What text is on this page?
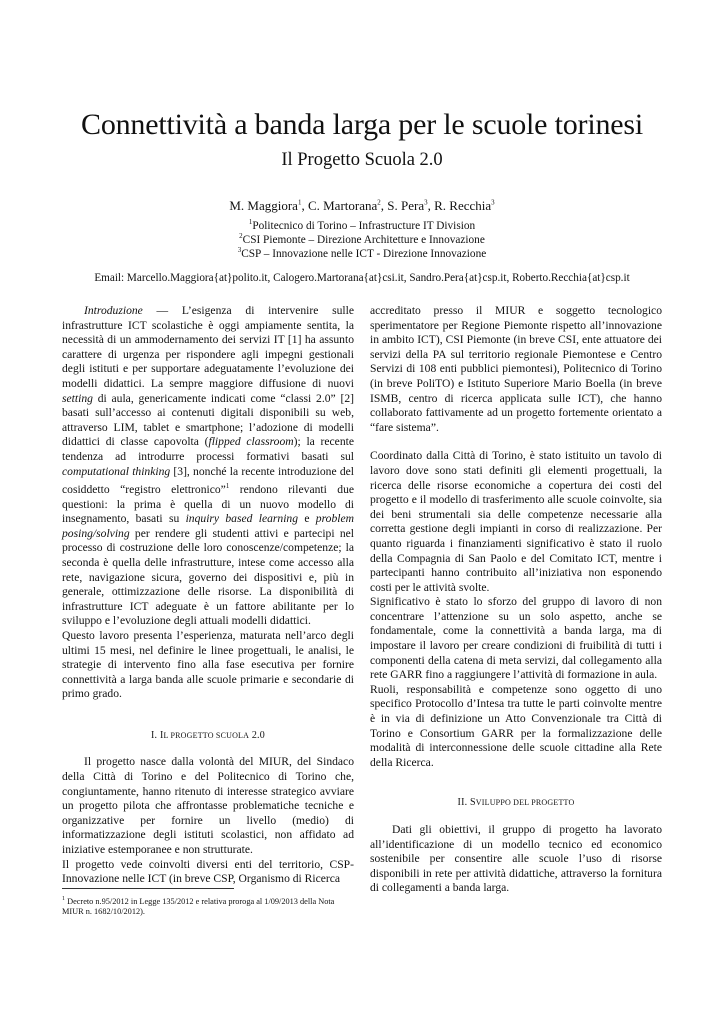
Connettività a banda larga per le scuole torinesi
Il Progetto Scuola 2.0
M. Maggiora$^1$, C. Martorana$^2$, S. Pera$^3$, R. Recchia$^3$
$^1$Politecnico di Torino – Infrastructure IT Division
$^2$CSI Piemonte – Direzione Architetture e Innovazione
$^3$CSP – Innovazione nelle ICT - Direzione Innovazione
Email: Marcello.Maggiora{at}polito.it, Calogero.Martorana{at}csi.it, Sandro.Pera{at}csp.it, Roberto.Recchia{at}csp.it

Introduzione — L’esigenza di intervenire sulle infrastrutture ICT scolastiche è oggi ampiamente sentita, la necessità di un ammodernamento dei servizi IT [1] ha assunto carattere di urgenza per rispondere agli impegni gestionali degli istituti e per supportare adeguatamente l’evoluzione dei modelli didattici. La sempre maggiore diffusione di nuovi setting di aula, genericamente indicati come “classi 2.0” [2] basati sull’accesso ai contenuti digitali disponibili su web, attraverso LIM, tablet e smartphone; l’adozione di modelli didattici di classe capovolta (flipped classroom); la recente tendenza ad introdurre processi formativi basati sul computational thinking [3], nonché la recente introduzione del cosiddetto “registro elettronico”$^1$ rendono rilevanti due questioni: la prima è quella di un nuovo modello di insegnamento, basati su inquiry based learning e problem posing/solving per rendere gli studenti attivi e partecipi nel processo di costruzione delle loro conoscenze/competenze; la seconda è quella delle infrastrutture, intese come accesso alla rete, navigazione sicura, governo dei dispositivi e, più in generale, ottimizzazione delle risorse. La disponibilità di infrastrutture ICT adeguate è un fattore abilitante per lo sviluppo e l’evoluzione degli attuali modelli didattici.

Questo lavoro presenta l’esperienza, maturata nell’arco degli ultimi 15 mesi, nel definire le linee progettuali, le analisi, le strategie di intervento fino alla fase esecutiva per fornire connettività a larga banda alle scuole primarie e secondarie di primo grado.

I. IL PROGETTO SCUOLA 2.0

Il progetto nasce dalla volontà del MIUR, del Sindaco della Città di Torino e del Politecnico di Torino che, congiuntamente, hanno ritenuto di interesse strategico avviare un progetto pilota che affrontasse problematiche tecniche e organizzative per fornire un livello (medio) di informatizzazione degli istituti scolastici, non affidato ad iniziative estemporanee e non strutturate.

Il progetto vede coinvolti diversi enti del territorio, CSP-Innovazione nelle ICT (in breve CSP, Organismo di Ricerca

accreditato presso il MIUR e soggetto tecnologico sperimentatore per Regione Piemonte rispetto all’innovazione in ambito ICT), CSI Piemonte (in breve CSI, ente attuatore dei servizi della PA sul territorio regionale Piemontese e Centro Servizi di 108 enti pubblici piemontesi), Politecnico di Torino (in breve PoliTO) e Istituto Superiore Mario Boella (in breve ISMB, centro di ricerca applicata sulle ICT), che hanno collaborato fattivamente ad un progetto fortemente orientato a “fare sistema”.

Coordinato dalla Città di Torino, è stato istituito un tavolo di lavoro dove sono stati definiti gli elementi progettuali, la ricerca delle risorse economiche a copertura dei costi del progetto e il modello di trasferimento alle scuole coinvolte, sia dei beni strumentali sia delle competenze necessarie alla corretta gestione degli impianti in corso di realizzazione. Per quanto riguarda i finanziamenti significativo è stato il ruolo della Compagnia di San Paolo e del Comitato ICT, mentre i partecipanti hanno contribuito all’iniziativa non esponendo costi per le attività svolte.

Significativo è stato lo sforzo del gruppo di lavoro di non concentrare l’attenzione su un solo aspetto, anche se fondamentale, come la connettività a banda larga, ma di impostare il lavoro per creare condizioni di fruibilità di tutti i componenti della catena di meta servizi, dal collegamento alla rete GARR fino a raggiungere l’attività di formazione in aula.

Ruoli, responsabilità e competenze sono oggetto di uno specifico Protocollo d’Intesa tra tutte le parti coinvolte mentre è in via di definizione un Atto Convenzionale tra Città di Torino e Consortium GARR per la formalizzazione delle modalità di interconnessione delle scuole cittadine alla Rete della Ricerca.

II. SVILUPPO DEL PROGETTO

Dati gli obiettivi, il gruppo di progetto ha lavorato all’identificazione di un modello tecnico ed economico sostenibile per consentire alle scuole l’uso di risorse disponibili in rete per attività didattiche, attraverso la fornitura di collegamenti a banda larga.

$^1$ Decreto n.95/2012 in Legge 135/2012 e relativa proroga al 1/09/2013 della Nota MIUR n. 1682/10/2012).
